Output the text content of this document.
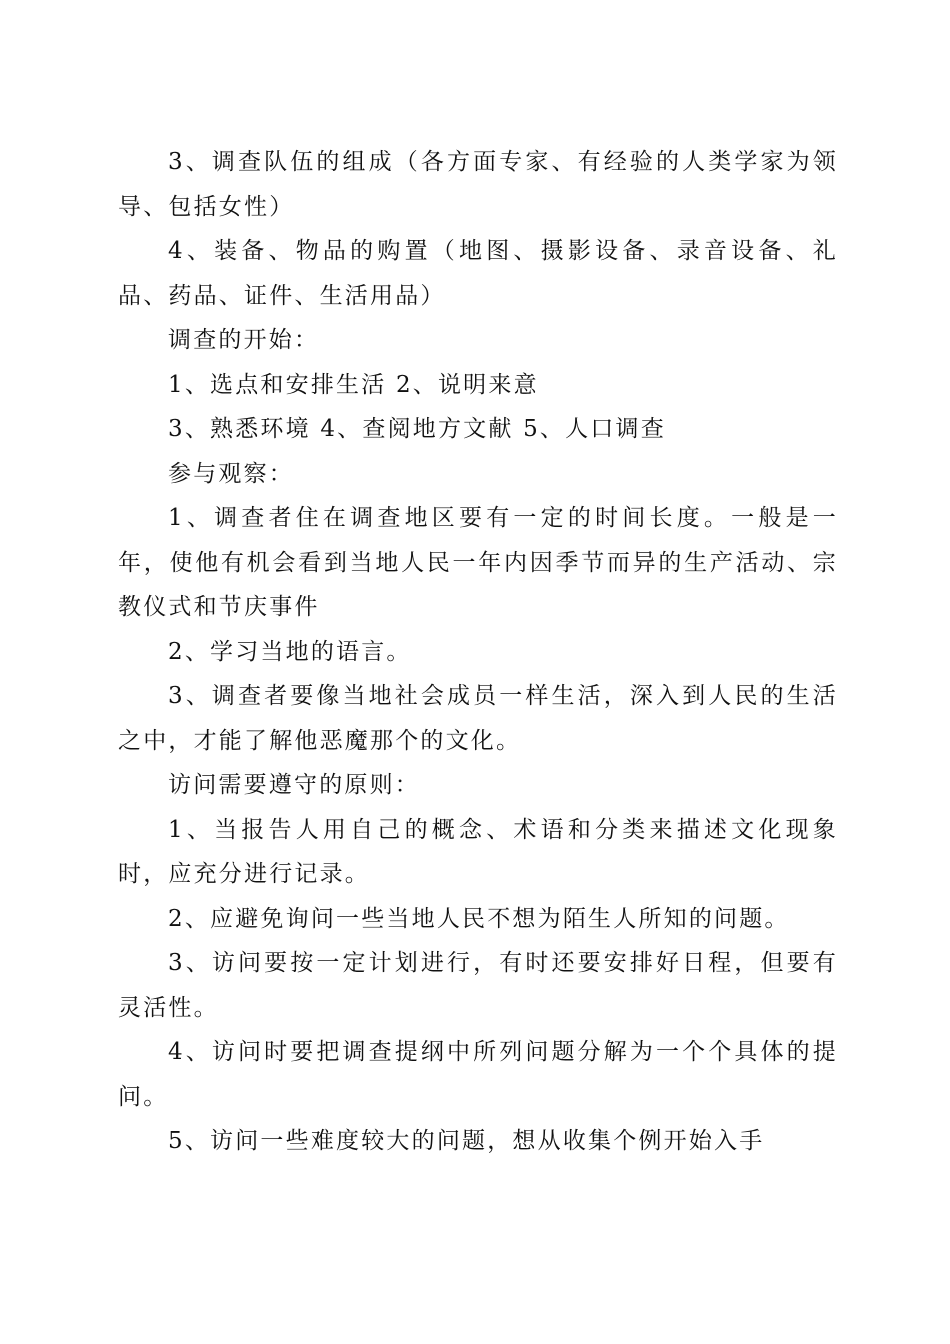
3、调查队伍的组成（各方面专家、有经验的人类学家为领导、包括女性）

4、装备、物品的购置（地图、摄影设备、录音设备、礼品、药品、证件、生活用品）

调查的开始：

1、选点和安排生活 2、说明来意

3、熟悉环境 4、查阅地方文献 5、人口调查

参与观察：

1、调查者住在调查地区要有一定的时间长度。一般是一年，使他有机会看到当地人民一年内因季节而异的生产活动、宗教仪式和节庆事件

2、学习当地的语言。

3、调查者要像当地社会成员一样生活，深入到人民的生活之中，才能了解他恶魔那个的文化。

访问需要遵守的原则：

1、当报告人用自己的概念、术语和分类来描述文化现象时，应充分进行记录。

2、应避免询问一些当地人民不想为陌生人所知的问题。

3、访问要按一定计划进行，有时还要安排好日程，但要有灵活性。

4、访问时要把调查提纲中所列问题分解为一个个具体的提问。

5、访问一些难度较大的问题，想从收集个例开始入手
